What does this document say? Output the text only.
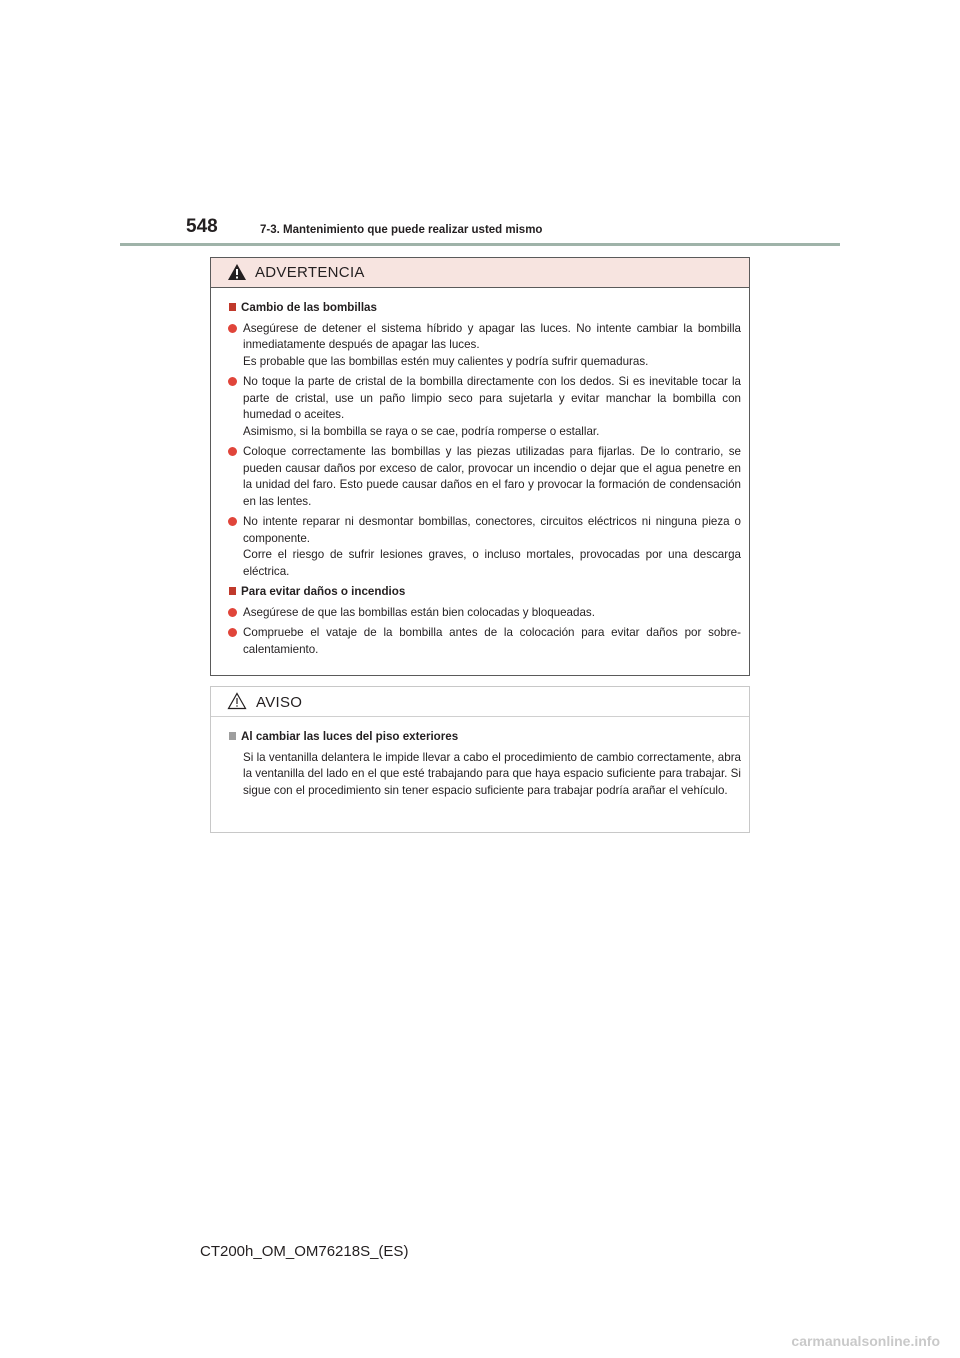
548	7-3. Mantenimiento que puede realizar usted mismo
ADVERTENCIA
Cambio de las bombillas
Asegúrese de detener el sistema híbrido y apagar las luces. No intente cambiar la bombilla inmediatamente después de apagar las luces.
Es probable que las bombillas estén muy calientes y podría sufrir quemaduras.
No toque la parte de cristal de la bombilla directamente con los dedos. Si es inevitable tocar la parte de cristal, use un paño limpio seco para sujetarla y evitar manchar la bombilla con humedad o aceites.
Asimismo, si la bombilla se raya o se cae, podría romperse o estallar.
Coloque correctamente las bombillas y las piezas utilizadas para fijarlas. De lo contrario, se pueden causar daños por exceso de calor, provocar un incendio o dejar que el agua penetre en la unidad del faro. Esto puede causar daños en el faro y provocar la formación de condensación en las lentes.
No intente reparar ni desmontar bombillas, conectores, circuitos eléctricos ni ninguna pieza o componente.
Corre el riesgo de sufrir lesiones graves, o incluso mortales, provocadas por una descarga eléctrica.
Para evitar daños o incendios
Asegúrese de que las bombillas están bien colocadas y bloqueadas.
Compruebe el vataje de la bombilla antes de la colocación para evitar daños por sobrecalentamiento.
AVISO
Al cambiar las luces del piso exteriores

Si la ventanilla delantera le impide llevar a cabo el procedimiento de cambio correctamente, abra la ventanilla del lado en el que esté trabajando para que haya espacio suficiente para trabajar. Si sigue con el procedimiento sin tener espacio suficiente para trabajar podría arañar el vehículo.

CT200h_OM_OM76218S_(ES)
carmanualsonline.info
